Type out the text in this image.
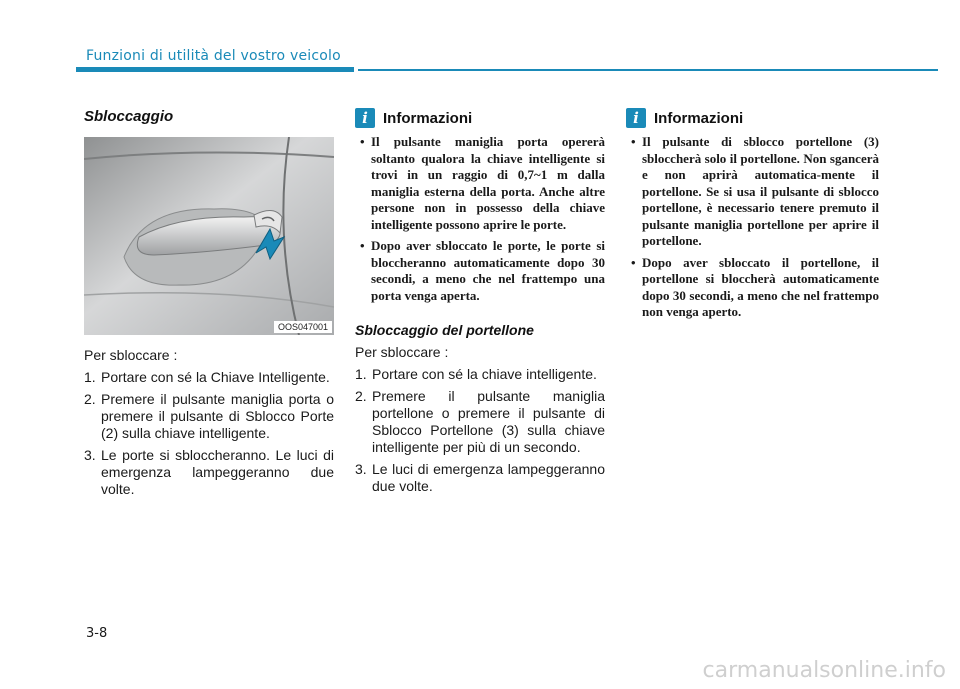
Funzioni di utilità del vostro veicolo
Sbloccaggio
OOS047001
Per sbloccare :
1. Portare con sé la Chiave Intelligente.
2. Premere il pulsante maniglia porta o premere il pulsante di Sblocco Porte (2) sulla chiave intelligente.
3. Le porte si sbloccheranno. Le luci di emergenza lampeggeranno due volte.
i	Informazioni
• Il pulsante maniglia porta opererà soltanto qualora la chiave intelligente si trovi in un raggio di 0,7~1 m dalla maniglia esterna della porta. Anche altre persone non in possesso della chiave intelligente possono aprire le porte.
• Dopo aver sbloccato le porte, le porte si bloccheranno automaticamente dopo 30 secondi, a meno che nel frattempo una porta venga aperta.
Sbloccaggio del portellone
Per sbloccare :
1. Portare con sé la chiave intelligente.
2. Premere il pulsante maniglia portellone o premere il pulsante di Sblocco Portellone (3) sulla chiave intelligente per più di un secondo.
3. Le luci di emergenza lampeggeranno due volte.
i	Informazioni
• Il pulsante di sblocco portellone (3) sbloccherà solo il portellone. Non sgancerà e non aprirà automatica-mente il portellone. Se si usa il pulsante di sblocco portellone, è necessario tenere premuto il pulsante maniglia portellone per aprire il portellone.
• Dopo aver sbloccato il portellone, il portellone si bloccherà automaticamente dopo 30 secondi, a meno che nel frattempo non venga aperto.
3-8
carmanualsonline.info
